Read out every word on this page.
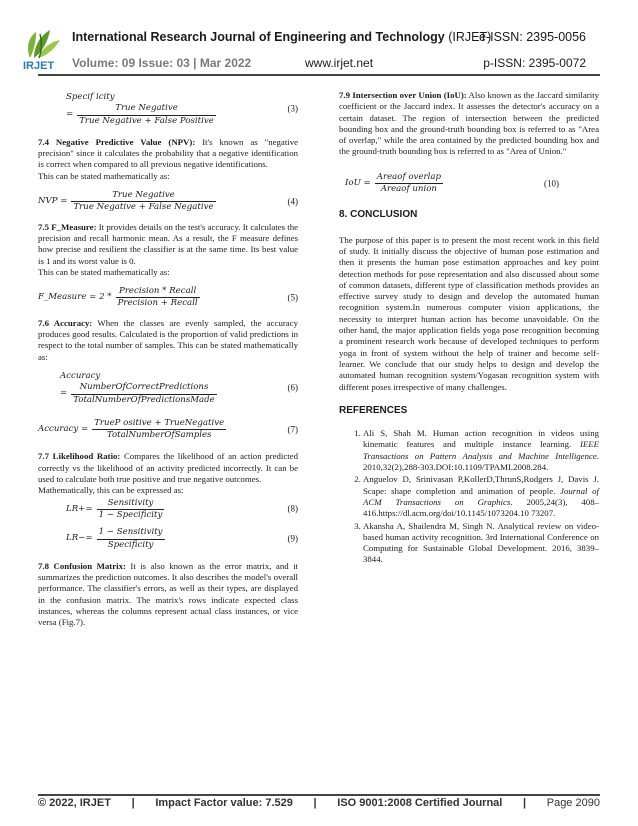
IRJET
International Research Journal of Engineering and Technology (IRJET)
e-ISSN: 2395-0056
Volume: 09 Issue: 03 | Mar 2022	www.irjet.net	p-ISSN: 2395-0072
Specif icity
= $\frac{\text{True Negative}}{\text{True Negative + False Positive}}$	(3)

7.4 Negative Predictive Value (NPV): It's known as "negative precision" since it calculates the probability that a negative identification is correct when compared to all previous negative identifications.

This can be stated mathematically as:

NVP = $\frac{\text{True Negative}}{\text{True Negative + False Negative}}$	(4)

7.5 F_Measure: It provides details on the test's accuracy. It calculates the precision and recall harmonic mean. As a result, the F measure defines how precise and resilient the classifier is at the same time. Its best value is 1 and its worst value is 0.

This can be stated mathematically as:

F_Measure = $2 * \frac{\text{Precision * Recall}}{\text{Precision + Recall}}$	(5)

7.6 Accuracy: When the classes are evenly sampled, the accuracy produces good results. Calculated is the proportion of valid predictions in respect to the total number of samples. This can be stated mathematically as:

Accuracy
= $\frac{\text{NumberOfCorrectPredictions}}{\text{TotalNumberOfPredictionsMade}}$	(6)
Accuracy = $\frac{\text{TrueP ositive + TrueNegative}}{\text{TotalNumberOfSamples}}$	(7)

7.7 Likelihood Ratio: Compares the likelihood of an action predicted correctly vs the likelihood of an activity predicted incorrectly. It can be used to calculate both true positive and true negative outcomes.

Mathematically, this can be expressed as:

$LR+= \frac{\text{Sensitivity}}{\text{1 − Specificity}}$	(8)
$LR-= \frac{\text{1 − Sensitivity}}{\text{Specificity}}$	(9)

7.8 Confusion Matrix: It is also known as the error matrix, and it summarizes the prediction outcomes. It also describes the model's overall performance. The classifier's errors, as well as their types, are displayed in the confusion matrix. The matrix's rows indicate expected class instances, whereas the columns represent actual class instances, or vice versa (Fig.7).

7.9 Intersection over Union (IoU): Also known as the Jaccard similarity coefficient or the Jaccard index. It assesses the detector's accuracy on a certain dataset. The region of intersection between the predicted bounding box and the ground-truth bounding box is referred to as "Area of overlap," while the area contained by the predicted bounding box and the ground-truth bounding box is referred to as "Area of Union."

IoU = $\frac{\text{Areaof overlap}}{\text{Areaof union}}$	(10)
8. CONCLUSION

The purpose of this paper is to present the most recent work in this field of study. It initially discuss the objective of human pose estimation and then it presents the human pose estimation approaches and key point detection methods for pose representation and also discussed about some of common datasets, different type of classification methods provides an effective survey study to design and develop the automated human recognition system.In numerous computer vision applications, the necessity to interpret human action has become unavoidable. On the other hand, the major application fields yoga pose recognition becoming a prominent research work because of developed techniques to perform yoga in front of system without the help of trainer and become self-learner. We conclude that our study helps to design and develop the automated human recognition system/Yogasan recognition system with different poses irrespective of many challenges.

REFERENCES
1. Ali S, Shah M. Human action recognition in videos using kinematic features and multiple instance learning. IEEE Transactions on Pattern Analysis and Machine Intelligence. 2010,32(2),288-303.DOI:10.1109/TPAMI.2008.284.
2. Anguelov D, Srinivasan P,KollerD,ThrunS,Rodgers J, Davis J. Scape: shape completion and animation of people. Journal of ACM Transactions on Graphics. 2005,24(3), 408–416.https://dl.acm.org/doi/10.1145/1073204.10 73207.
3. Akansha A, Shailendra M, Singh N. Analytical review on video-based human activity recognition. 3rd International Conference on Computing for Sustainable Global Development. 2016, 3839–3844.
© 2022, IRJET | Impact Factor value: 7.529 | ISO 9001:2008 Certified Journal | Page 2090
